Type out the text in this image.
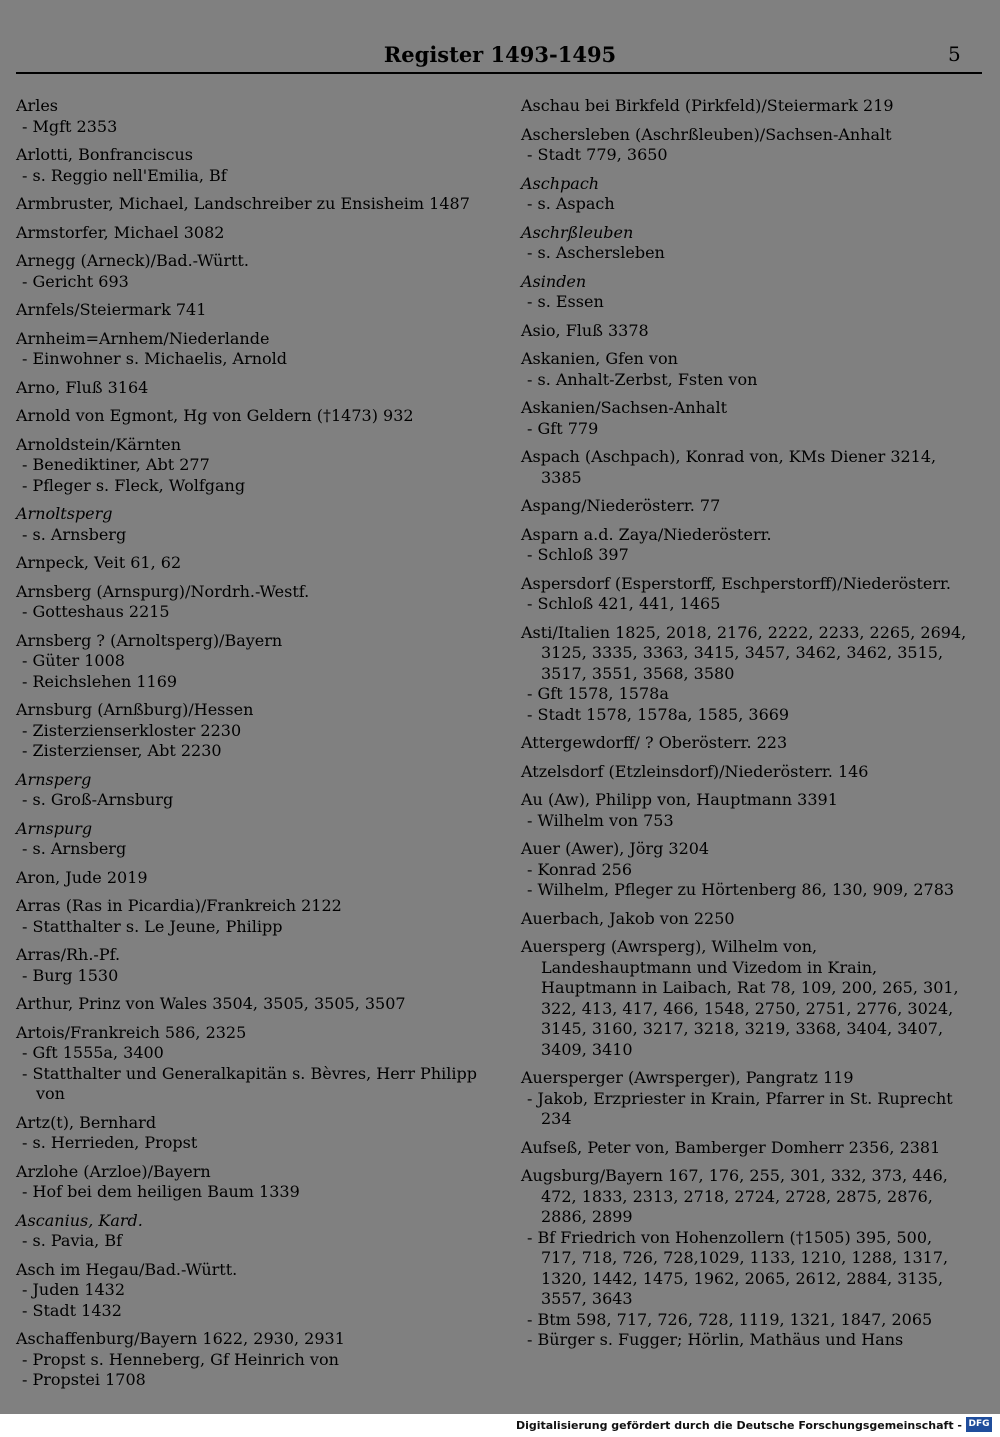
Register 1493-1495	5
Arles
- Mgft 2353
Arlotti, Bonfranciscus
- s. Reggio nell'Emilia, Bf
Armbruster, Michael, Landschreiber zu Ensisheim 1487
Armstorfer, Michael 3082
Arnegg (Arneck)/Bad.-Württ.
- Gericht 693
Arnfels/Steiermark 741
Arnheim=Arnhem/Niederlande
- Einwohner s. Michaelis, Arnold
Arno, Fluß 3164
Arnold von Egmont, Hg von Geldern (†1473) 932
Arnoldstein/Kärnten
- Benediktiner, Abt 277
- Pfleger s. Fleck, Wolfgang
Arnoltsperg
- s. Arnsberg
Arnpeck, Veit 61, 62
Arnsberg (Arnspurg)/Nordrh.-Westf.
- Gotteshaus 2215
Arnsberg ? (Arnoltsperg)/Bayern
- Güter 1008
- Reichslehen 1169
Arnsburg (Arnßburg)/Hessen
- Zisterzienserkloster 2230
- Zisterzienser, Abt 2230
Arnsperg
- s. Groß-Arnsburg
Arnspurg
- s. Arnsberg
Aron, Jude 2019
Arras (Ras in Picardia)/Frankreich 2122
- Statthalter s. Le Jeune, Philipp
Arras/Rh.-Pf.
- Burg 1530
Arthur, Prinz von Wales 3504, 3505, 3505, 3507
Artois/Frankreich 586, 2325
- Gft 1555a, 3400
- Statthalter und Generalkapitän s. Bèvres, Herr Philipp von
Artz(t), Bernhard
- s. Herrieden, Propst
Arzlohe (Arzloe)/Bayern
- Hof bei dem heiligen Baum 1339
Ascanius, Kard.
- s. Pavia, Bf
Asch im Hegau/Bad.-Württ.
- Juden 1432
- Stadt 1432
Aschaffenburg/Bayern 1622, 2930, 2931
- Propst s. Henneberg, Gf Heinrich von
- Propstei 1708
Aschau bei Birkfeld (Pirkfeld)/Steiermark 219
Aschersleben (Aschrßleuben)/Sachsen-Anhalt
- Stadt 779, 3650
Aschpach
- s. Aspach
Aschrßleuben
- s. Aschersleben
Asinden
- s. Essen
Asio, Fluß 3378
Askanien, Gfen von
- s. Anhalt-Zerbst, Fsten von
Askanien/Sachsen-Anhalt
- Gft 779
Aspach (Aschpach), Konrad von, KMs Diener 3214, 3385
Aspang/Niederösterr. 77
Asparn a.d. Zaya/Niederösterr.
- Schloß 397
Aspersdorf (Esperstorff, Eschperstorff)/Niederösterr.
- Schloß 421, 441, 1465
Asti/Italien 1825, 2018, 2176, 2222, 2233, 2265, 2694, 3125, 3335, 3363, 3415, 3457, 3462, 3462, 3515, 3517, 3551, 3568, 3580
- Gft 1578, 1578a
- Stadt 1578, 1578a, 1585, 3669
Attergewdorff/ ? Oberösterr. 223
Atzelsdorf (Etzleinsdorf)/Niederösterr. 146
Au (Aw), Philipp von, Hauptmann 3391
- Wilhelm von 753
Auer (Awer), Jörg 3204
- Konrad 256
- Wilhelm, Pfleger zu Hörtenberg 86, 130, 909, 2783
Auerbach, Jakob von 2250
Auersperg (Awrsperg), Wilhelm von, Landeshauptmann und Vizedom in Krain, Hauptmann in Laibach, Rat 78, 109, 200, 265, 301, 322, 413, 417, 466, 1548, 2750, 2751, 2776, 3024, 3145, 3160, 3217, 3218, 3219, 3368, 3404, 3407, 3409, 3410
Auersperger (Awrsperger), Pangratz 119
- Jakob, Erzpriester in Krain, Pfarrer in St. Ruprecht 234
Aufseß, Peter von, Bamberger Domherr 2356, 2381
Augsburg/Bayern 167, 176, 255, 301, 332, 373, 446, 472, 1833, 2313, 2718, 2724, 2728, 2875, 2876, 2886, 2899
- Bf Friedrich von Hohenzollern (†1505) 395, 500, 717, 718, 726, 728,1029, 1133, 1210, 1288, 1317, 1320, 1442, 1475, 1962, 2065, 2612, 2884, 3135, 3557, 3643
- Btm 598, 717, 726, 728, 1119, 1321, 1847, 2065
- Bürger s. Fugger; Hörlin, Mathäus und Hans
Digitalisierung gefördert durch die Deutsche Forschungsgemeinschaft - DFG
